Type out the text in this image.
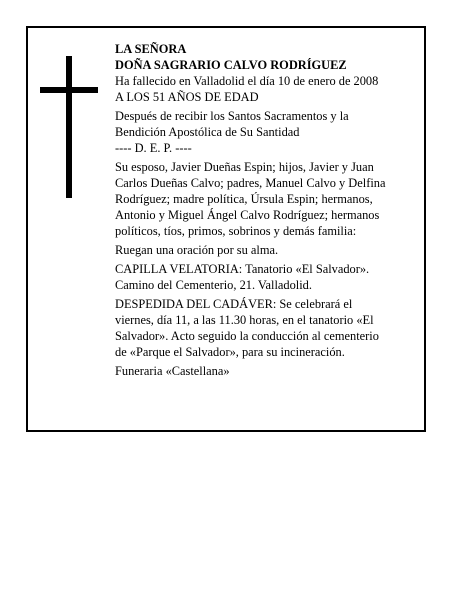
LA SEÑORA
DOÑA SAGRARIO CALVO RODRÍGUEZ
Ha fallecido en Valladolid el día 10 de enero de 2008
A LOS 51 AÑOS DE EDAD
Después de recibir los Santos Sacramentos y la
Bendición Apostólica de Su Santidad
---- D. E. P. ----
Su esposo, Javier Dueñas Espin; hijos, Javier y Juan
Carlos Dueñas Calvo; padres, Manuel Calvo y Delfina
Rodríguez; madre política, Úrsula Espin; hermanos,
Antonio y Miguel Ángel Calvo Rodríguez; hermanos
políticos, tíos, primos, sobrinos y demás familia:
Ruegan una oración por su alma.
CAPILLA VELATORIA: Tanatorio «El Salvador».
Camino del Cementerio, 21. Valladolid.
DESPEDIDA DEL CADÁVER: Se celebrará el
viernes, día 11, a las 11.30 horas, en el tanatorio «El
Salvador». Acto seguido la conducción al cementerio
de «Parque el Salvador», para su incineración.
Funeraria «Castellana»
